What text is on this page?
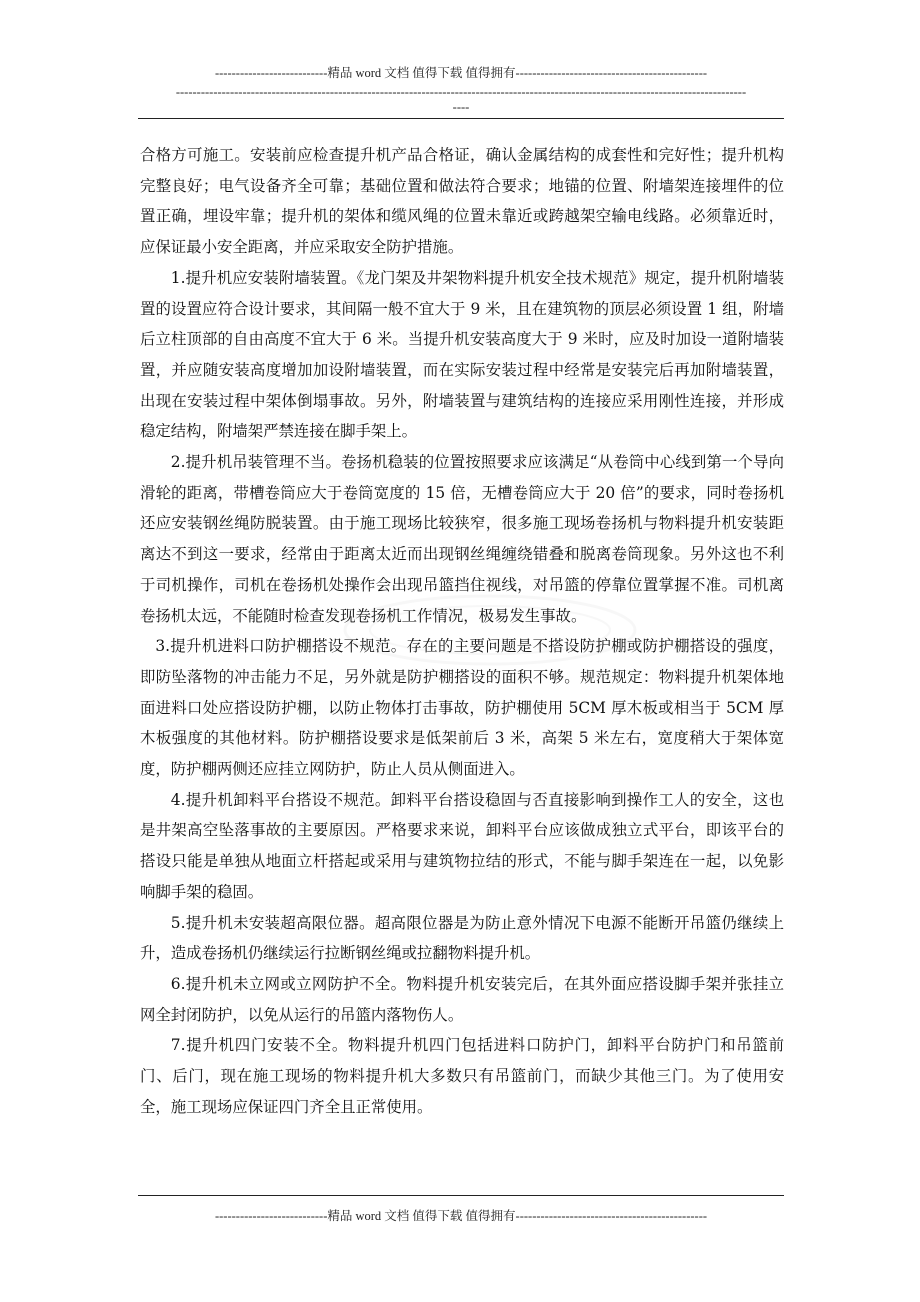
---------------------------精品 word 文档 值得下载 值得拥有----------------------------------------------
-----------------------------------------------------------------------------------------------------------------------------------------
----

合格方可施工。安装前应检查提升机产品合格证，确认金属结构的成套性和完好性；提升机构完整良好；电气设备齐全可靠；基础位置和做法符合要求；地锚的位置、附墙架连接埋件的位置正确，埋设牢靠；提升机的架体和缆风绳的位置未靠近或跨越架空输电线路。必须靠近时，应保证最小安全距离，并应采取安全防护措施。

1.提升机应安装附墙装置。《龙门架及井架物料提升机安全技术规范》规定，提升机附墙装置的设置应符合设计要求，其间隔一般不宜大于 9 米，且在建筑物的顶层必须设置 1 组，附墙后立柱顶部的自由高度不宜大于 6 米。当提升机安装高度大于 9 米时，应及时加设一道附墙装置，并应随安装高度增加加设附墙装置，而在实际安装过程中经常是安装完后再加附墙装置，出现在安装过程中架体倒塌事故。另外，附墙装置与建筑结构的连接应采用刚性连接，并形成稳定结构，附墙架严禁连接在脚手架上。

2.提升机吊装管理不当。卷扬机稳装的位置按照要求应该满足“从卷筒中心线到第一个导向滑轮的距离，带槽卷筒应大于卷筒宽度的 15 倍，无槽卷筒应大于 20 倍”的要求，同时卷扬机还应安装钢丝绳防脱装置。由于施工现场比较狭窄，很多施工现场卷扬机与物料提升机安装距离达不到这一要求，经常由于距离太近而出现钢丝绳缠绕错叠和脱离卷筒现象。另外这也不利于司机操作，司机在卷扬机处操作会出现吊篮挡住视线，对吊篮的停靠位置掌握不准。司机离卷扬机太远，不能随时检查发现卷扬机工作情况，极易发生事故。

3.提升机进料口防护棚搭设不规范。存在的主要问题是不搭设防护棚或防护棚搭设的强度，即防坠落物的冲击能力不足，另外就是防护棚搭设的面积不够。规范规定：物料提升机架体地面进料口处应搭设防护棚，以防止物体打击事故，防护棚使用 5CM 厚木板或相当于 5CM 厚木板强度的其他材料。防护棚搭设要求是低架前后 3 米，高架 5 米左右，宽度稍大于架体宽度，防护棚两侧还应挂立网防护，防止人员从侧面进入。

4.提升机卸料平台搭设不规范。卸料平台搭设稳固与否直接影响到操作工人的安全，这也是井架高空坠落事故的主要原因。严格要求来说，卸料平台应该做成独立式平台，即该平台的搭设只能是单独从地面立杆搭起或采用与建筑物拉结的形式，不能与脚手架连在一起，以免影响脚手架的稳固。

5.提升机未安装超高限位器。超高限位器是为防止意外情况下电源不能断开吊篮仍继续上升，造成卷扬机仍继续运行拉断钢丝绳或拉翻物料提升机。

6.提升机未立网或立网防护不全。物料提升机安装完后，在其外面应搭设脚手架并张挂立网全封闭防护，以免从运行的吊篮内落物伤人。

7.提升机四门安装不全。物料提升机四门包括进料口防护门，卸料平台防护门和吊篮前门、后门，现在施工现场的物料提升机大多数只有吊篮前门，而缺少其他三门。为了使用安全，施工现场应保证四门齐全且正常使用。

---------------------------精品 word 文档 值得下载 值得拥有----------------------------------------------
